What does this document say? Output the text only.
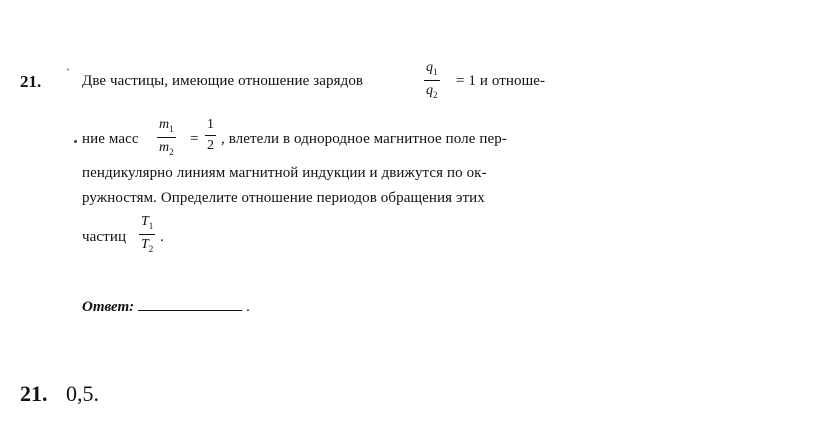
21. ` Две частицы, имеющие отношение зарядов	$\frac{q_1}{q_2} = 1$ и отноше-
ние масс $\frac{m_1}{m_2} = \frac{1}{2}$ , влетели в однородное магнитное поле пер-
пендикулярно линиям магнитной индукции и движутся по ок-
ружностям. Определите отношение периодов обращения этих
частиц $\frac{T_1}{T_2}$ .
Ответ:	.
21. 0,5.
